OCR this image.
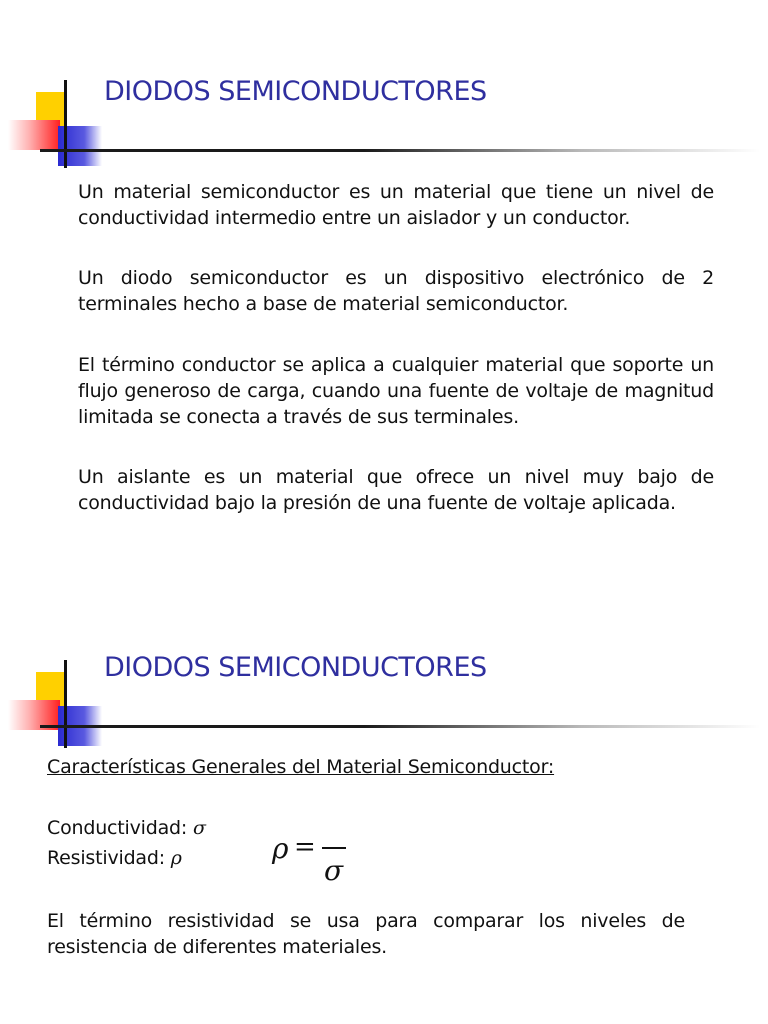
DIODOS SEMICONDUCTORES

Un material semiconductor es un material que tiene un nivel de conductividad intermedio entre un aislador y un conductor.

Un diodo semiconductor es un dispositivo electrónico de 2 terminales hecho a base de material semiconductor.

El término conductor se aplica a cualquier material que soporte un flujo generoso de carga, cuando una fuente de voltaje de magnitud limitada se conecta a través de sus terminales.

Un aislante es un material que ofrece un nivel muy bajo de conductividad bajo la presión de una fuente de voltaje aplicada.

DIODOS SEMICONDUCTORES

Características Generales del Material Semiconductor:

Conductividad: σ

Resistividad: ρ	ρ =
σ

El término resistividad se usa para comparar los niveles de resistencia de diferentes materiales.
